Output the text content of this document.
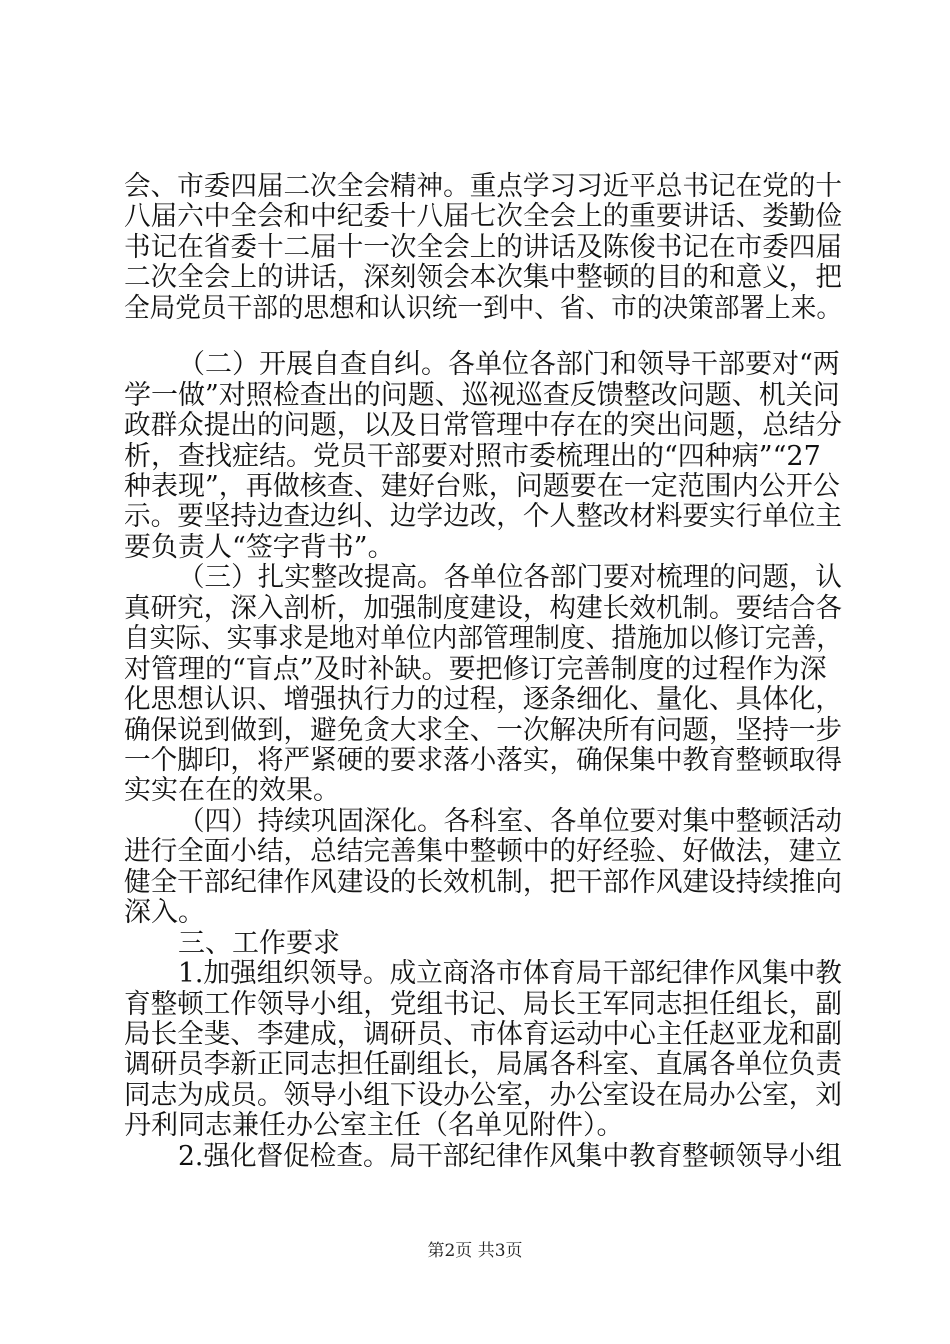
会、市委四届二次全会精神。重点学习习近平总书记在党的十
八届六中全会和中纪委十八届七次全会上的重要讲话、娄勤俭
书记在省委十二届十一次全会上的讲话及陈俊书记在市委四届
二次全会上的讲话，深刻领会本次集中整顿的目的和意义，把
全局党员干部的思想和认识统一到中、省、市的决策部署上来。
（二）开展自查自纠。各单位各部门和领导干部要对“两
学一做”对照检查出的问题、巡视巡查反馈整改问题、机关问
政群众提出的问题，以及日常管理中存在的突出问题，总结分
析，查找症结。党员干部要对照市委梳理出的“四种病”“27
种表现”，再做核查、建好台账，问题要在一定范围内公开公
示。要坚持边查边纠、边学边改，个人整改材料要实行单位主
要负责人“签字背书”。
（三）扎实整改提高。各单位各部门要对梳理的问题，认
真研究，深入剖析，加强制度建设，构建长效机制。要结合各
自实际、实事求是地对单位内部管理制度、措施加以修订完善，
对管理的“盲点”及时补缺。要把修订完善制度的过程作为深
化思想认识、增强执行力的过程，逐条细化、量化、具体化，
确保说到做到，避免贪大求全、一次解决所有问题，坚持一步
一个脚印，将严紧硬的要求落小落实，确保集中教育整顿取得
实实在在的效果。
（四）持续巩固深化。各科室、各单位要对集中整顿活动
进行全面小结，总结完善集中整顿中的好经验、好做法，建立
健全干部纪律作风建设的长效机制，把干部作风建设持续推向
深入。
三、工作要求
1.加强组织领导。成立商洛市体育局干部纪律作风集中教
育整顿工作领导小组，党组书记、局长王军同志担任组长，副
局长全斐、李建成，调研员、市体育运动中心主任赵亚龙和副
调研员李新正同志担任副组长，局属各科室、直属各单位负责
同志为成员。领导小组下设办公室，办公室设在局办公室，刘
丹利同志兼任办公室主任（名单见附件）。
2.强化督促检查。局干部纪律作风集中教育整顿领导小组
第2页 共3页
